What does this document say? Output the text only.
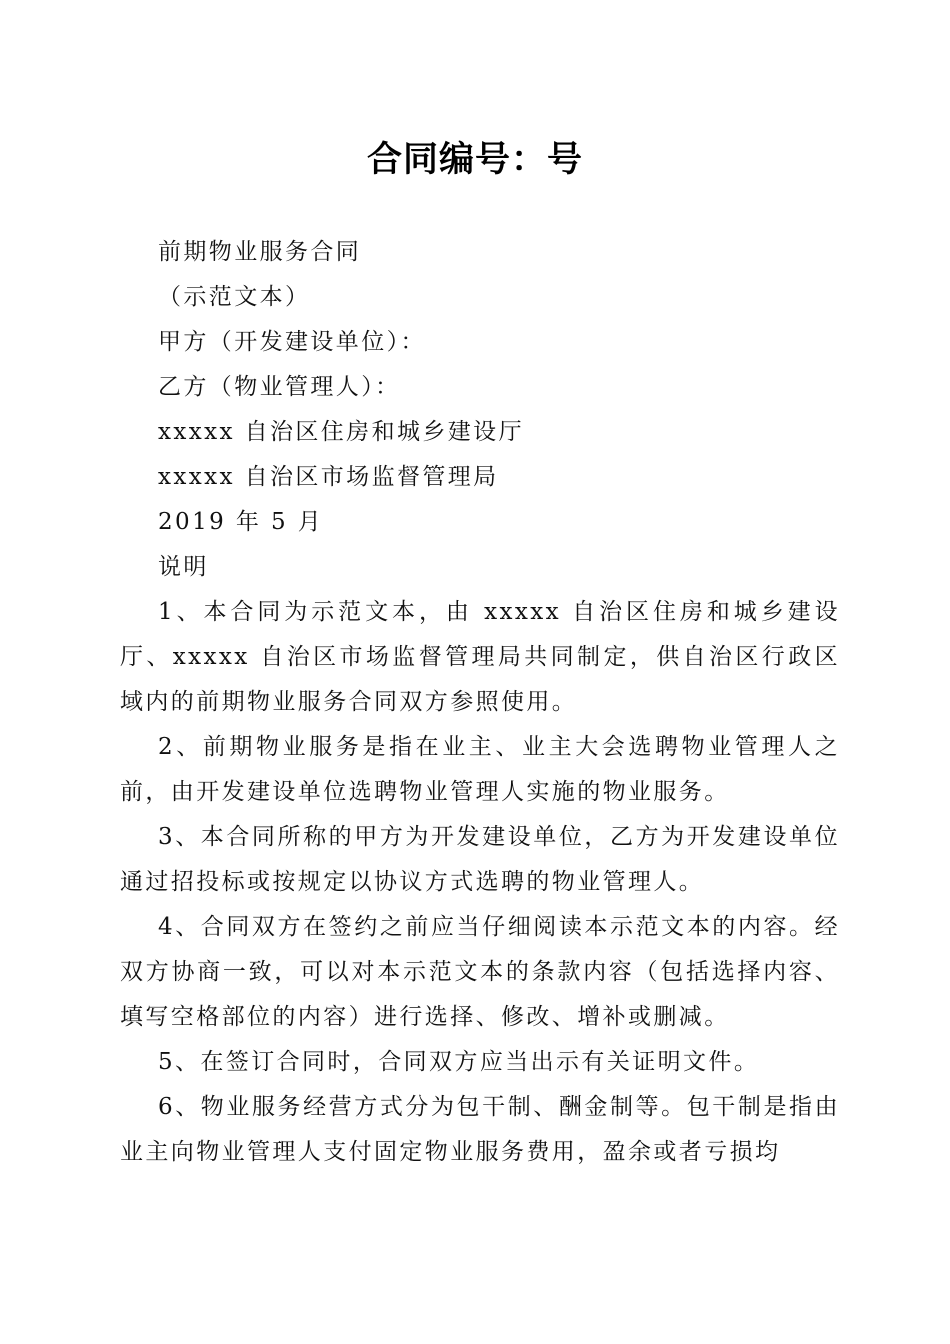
合同编号：号

前期物业服务合同

（示范文本）

甲方（开发建设单位）：

乙方（物业管理人）：

xxxxx 自治区住房和城乡建设厅

xxxxx 自治区市场监督管理局

2019 年 5 月

说明

1、本合同为示范文本，由 xxxxx 自治区住房和城乡建设厅、xxxxx 自治区市场监督管理局共同制定，供自治区行政区域内的前期物业服务合同双方参照使用。

2、前期物业服务是指在业主、业主大会选聘物业管理人之前，由开发建设单位选聘物业管理人实施的物业服务。

3、本合同所称的甲方为开发建设单位，乙方为开发建设单位通过招投标或按规定以协议方式选聘的物业管理人。

4、合同双方在签约之前应当仔细阅读本示范文本的内容。经双方协商一致，可以对本示范文本的条款内容（包括选择内容、填写空格部位的内容）进行选择、修改、增补或删减。

5、在签订合同时，合同双方应当出示有关证明文件。

6、物业服务经营方式分为包干制、酬金制等。包干制是指由业主向物业管理人支付固定物业服务费用，盈余或者亏损均
